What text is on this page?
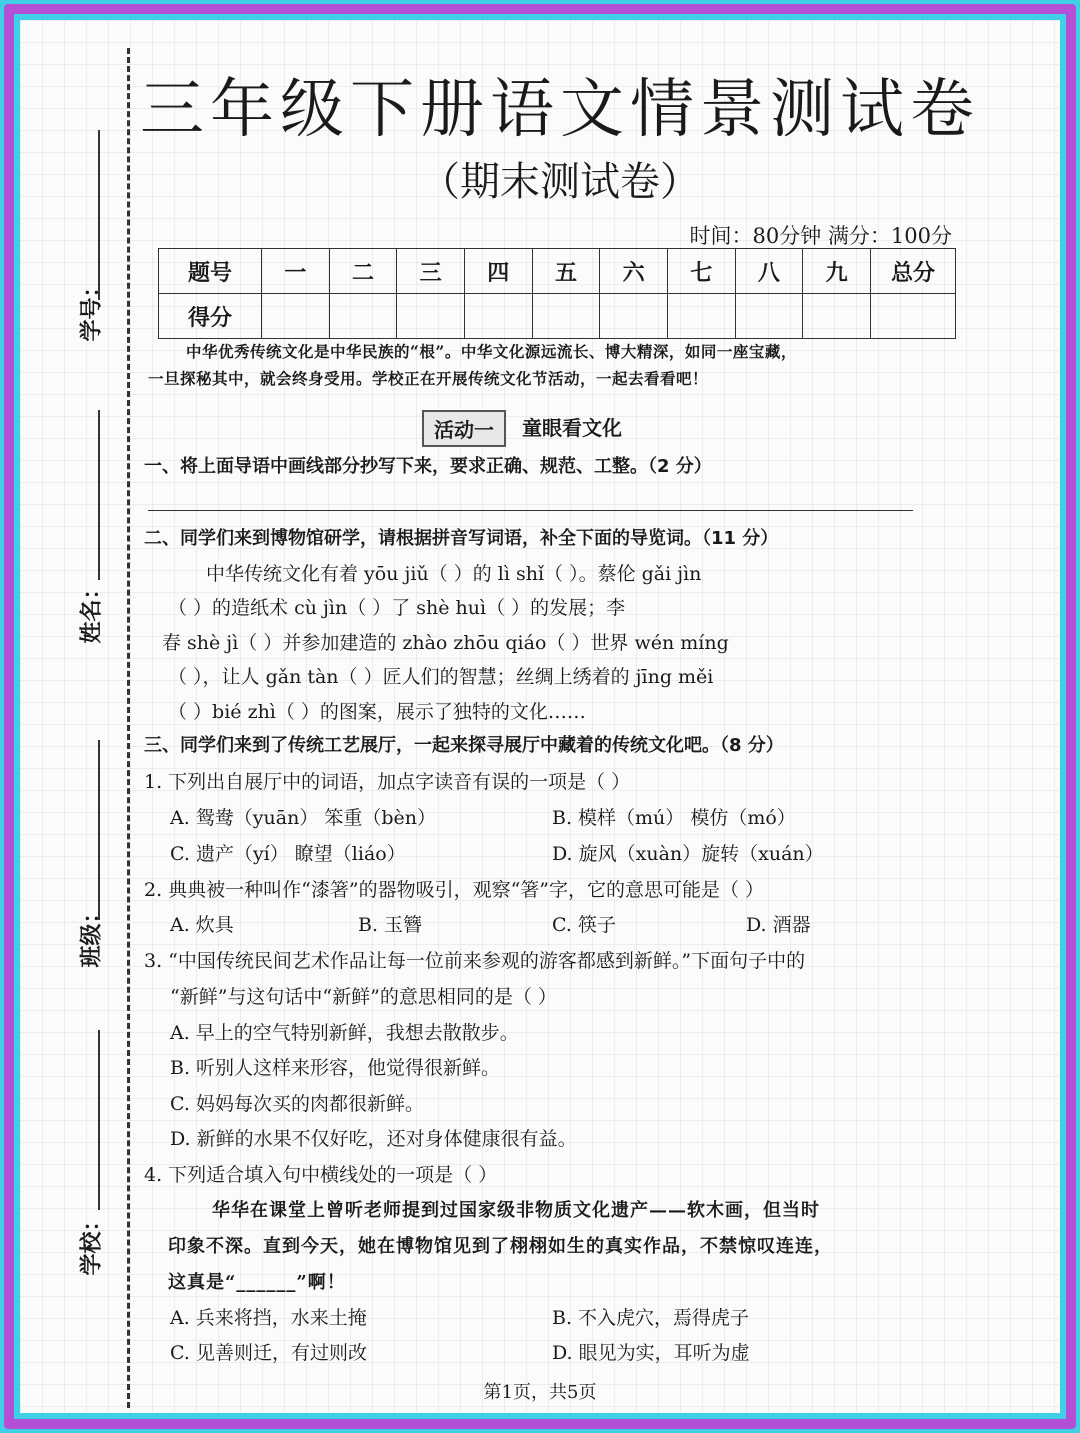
学号：
姓名：
班级：
学校：
三年级下册语文情景测试卷
（期末测试卷）
时间：80分钟 满分：100分
题号	一	二	三	四	五	六	七	八	九	总分
得分										
中华优秀传统文化是中华民族的“根”。中华文化源远流长、博大精深，如同一座宝藏，
一旦探秘其中，就会终身受用。学校正在开展传统文化节活动，一起去看看吧！
活动一	童眼看文化
一、将上面导语中画线部分抄写下来，要求正确、规范、工整。（2 分）
二、同学们来到博物馆研学，请根据拼音写词语，补全下面的导览词。（11 分）
中华传统文化有着 yōu jiǔ（ ）的 lì shǐ（ ）。蔡伦 gǎi jìn
（ ）的造纸术 cù jìn（ ）了 shè huì（ ）的发展；李
春 shè jì（ ）并参加建造的 zhào zhōu qiáo（ ）世界 wén míng
（ ），让人 gǎn tàn（ ）匠人们的智慧；丝绸上绣着的 jīng měi
（ ）bié zhì（ ）的图案，展示了独特的文化……
三、同学们来到了传统工艺展厅，一起来探寻展厅中藏着的传统文化吧。（8 分）
1. 下列出自展厅中的词语，加点字读音有误的一项是（ ）
A. 鸳鸯（yuān） 笨重（bèn）	B. 模样（mú） 模仿（mó）
C. 遗产（yí） 瞭望（liáo）	D. 旋风（xuàn）旋转（xuán）
2. 典典被一种叫作“漆箸”的器物吸引，观察“箸”字，它的意思可能是（ ）
A. 炊具	B. 玉簪	C. 筷子	D. 酒器
3. “中国传统民间艺术作品让每一位前来参观的游客都感到新鲜。”下面句子中的
“新鲜”与这句话中“新鲜”的意思相同的是（ ）
A. 早上的空气特别新鲜，我想去散散步。
B. 听别人这样来形容，他觉得很新鲜。
C. 妈妈每次买的肉都很新鲜。
D. 新鲜的水果不仅好吃，还对身体健康很有益。
4. 下列适合填入句中横线处的一项是（ ）
华华在课堂上曾听老师提到过国家级非物质文化遗产——软木画，但当时
印象不深。直到今天，她在博物馆见到了栩栩如生的真实作品，不禁惊叹连连，
这真是“______”啊！
A. 兵来将挡，水来土掩	B. 不入虎穴，焉得虎子
C. 见善则迁，有过则改	D. 眼见为实，耳听为虚
第1页，共5页
